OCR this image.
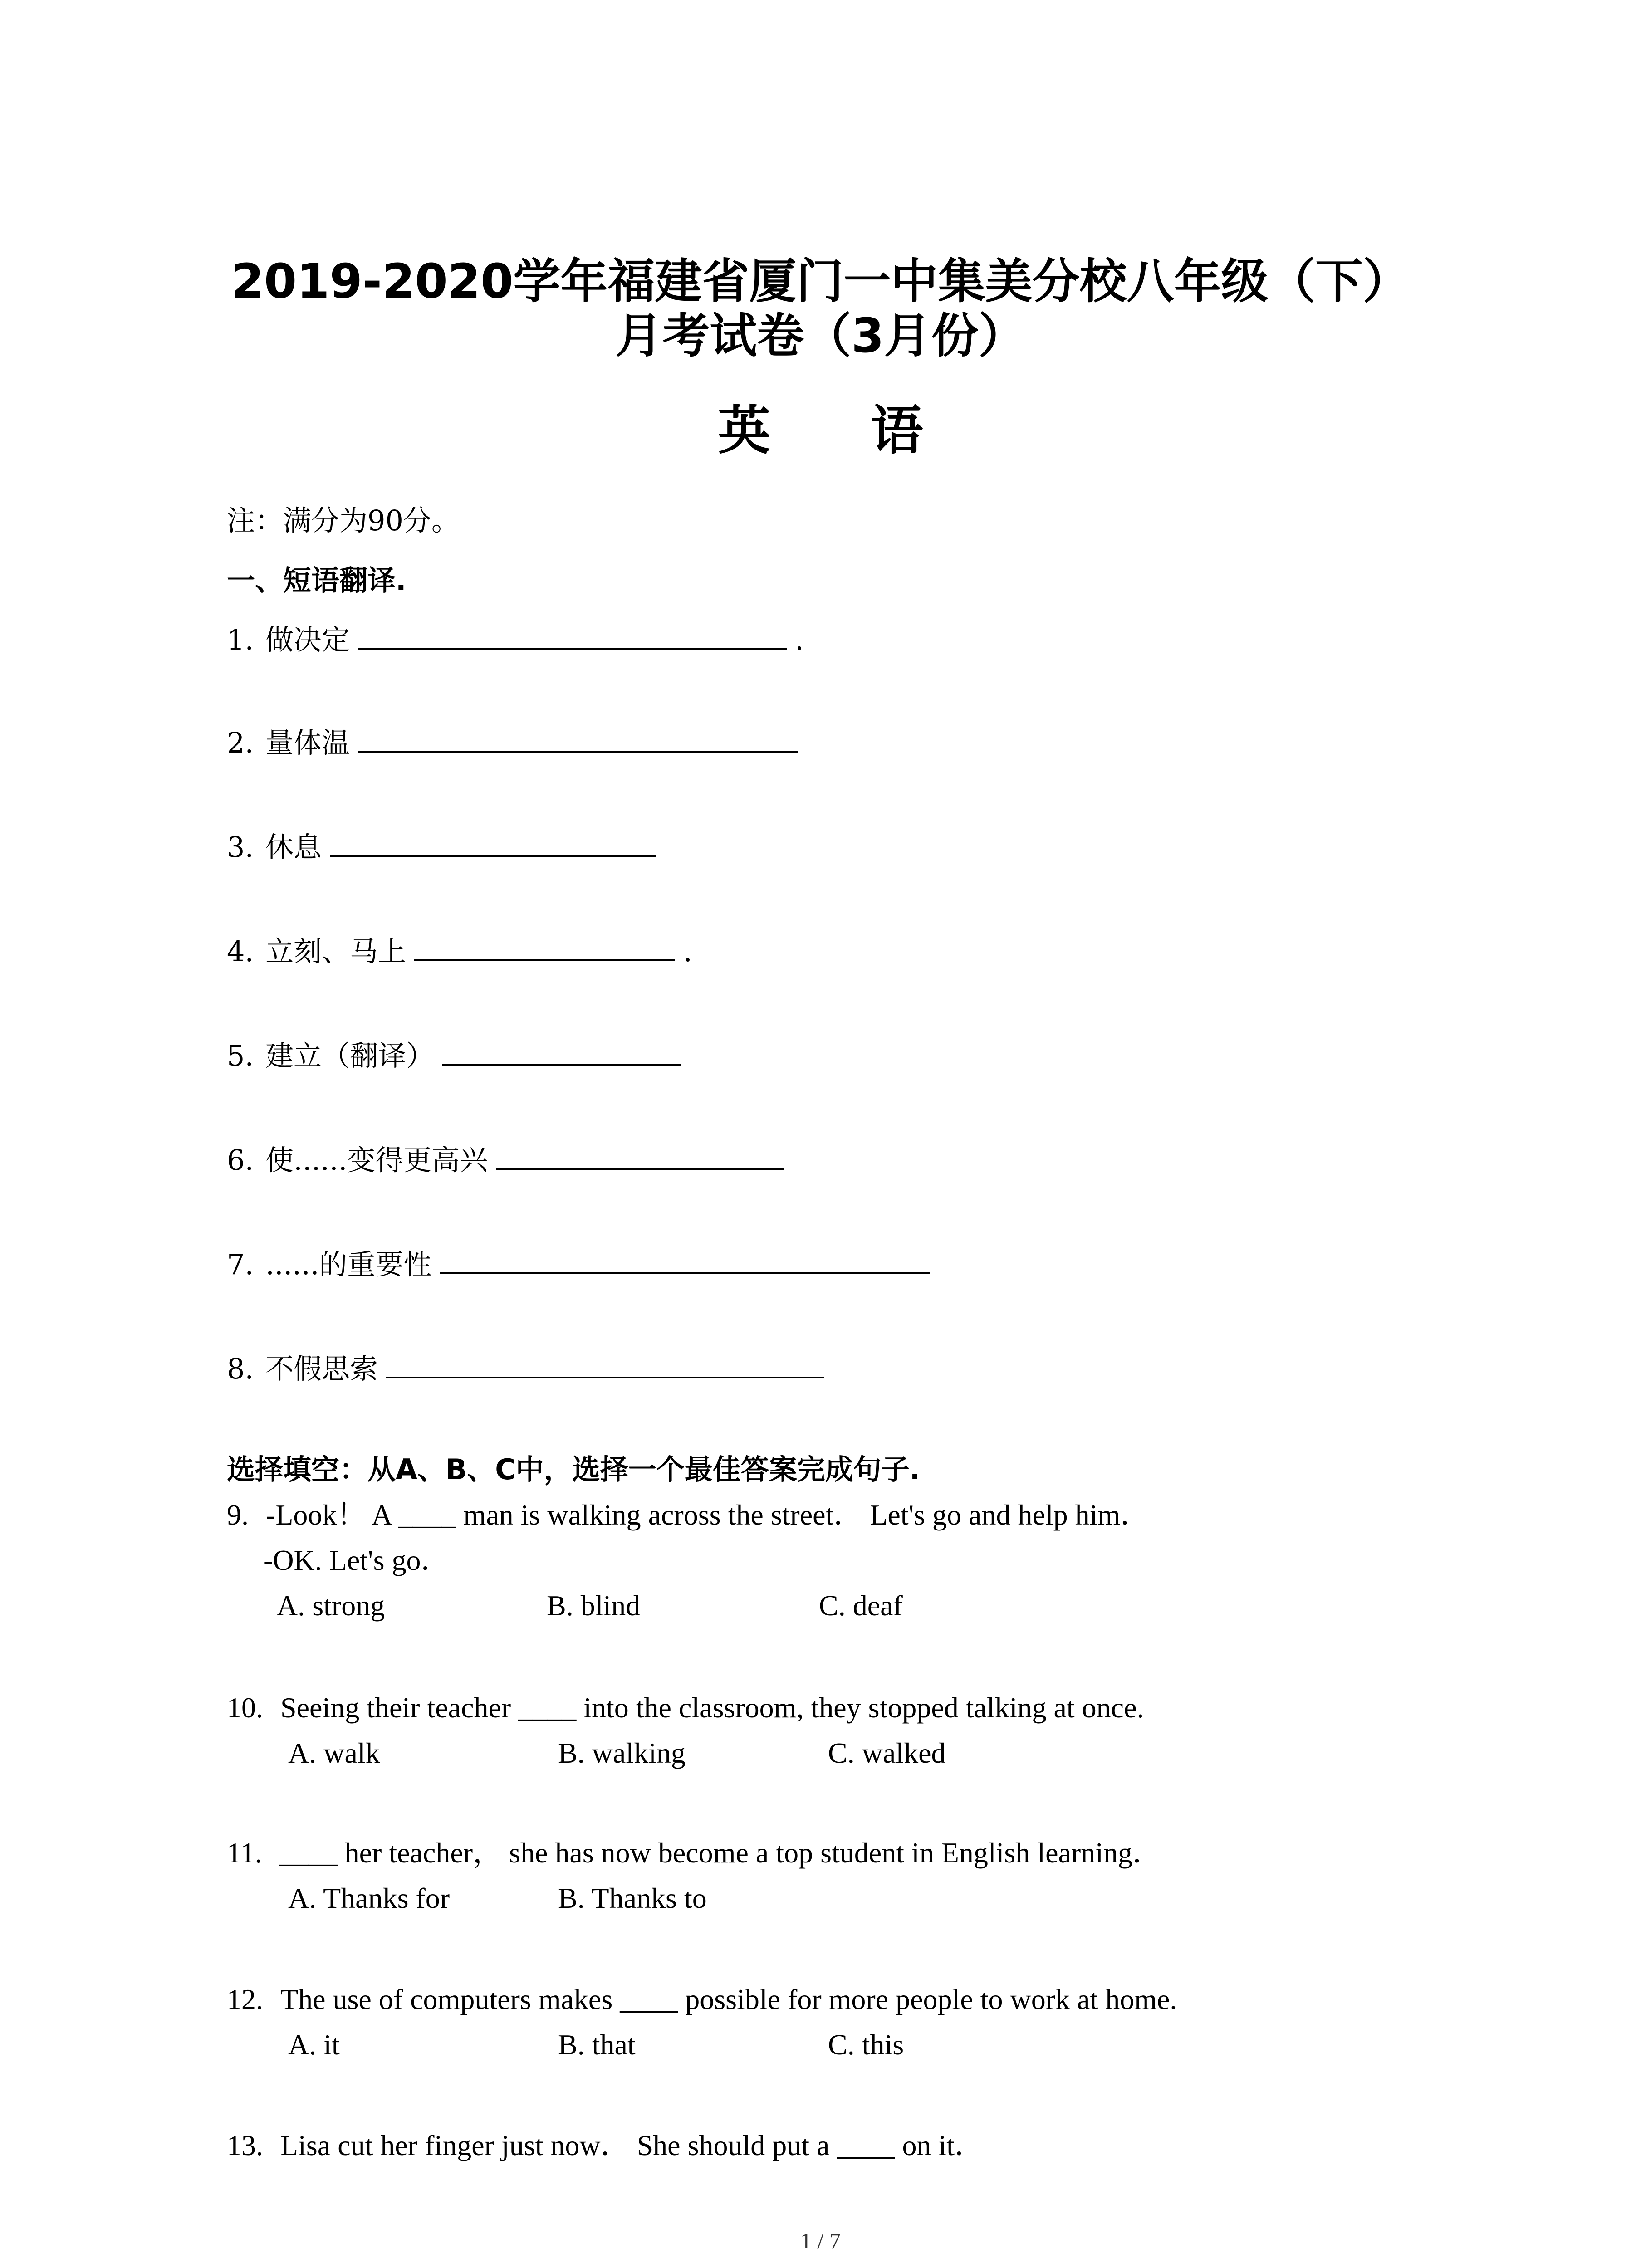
2019-2020学年福建省厦门一中集美分校八年级（下）
月考试卷（3月份）
英 语
注：满分为90分。
一、短语翻译.
1. 做决定	.
2. 量体温
3. 休息
4. 立刻、马上	.
5. 建立（翻译）
6. 使......变得更高兴
7. ......的重要性
8. 不假思索
选择填空：从A、B、C中，选择一个最佳答案完成句子.
9. -Look！ A ____ man is walking across the street． Let's go and help him．
-OK. Let's go．
A. strong	B. blind	C. deaf
10. Seeing their teacher ____ into the classroom, they stopped talking at once.
A. walk	B. walking	C. walked
11. ____ her teacher， she has now become a top student in English learning．
A. Thanks for	B. Thanks to
12. The use of computers makes ____ possible for more people to work at home.
A. it	B. that	C. this
13. Lisa cut her finger just now． She should put a ____ on it．
1 / 7
